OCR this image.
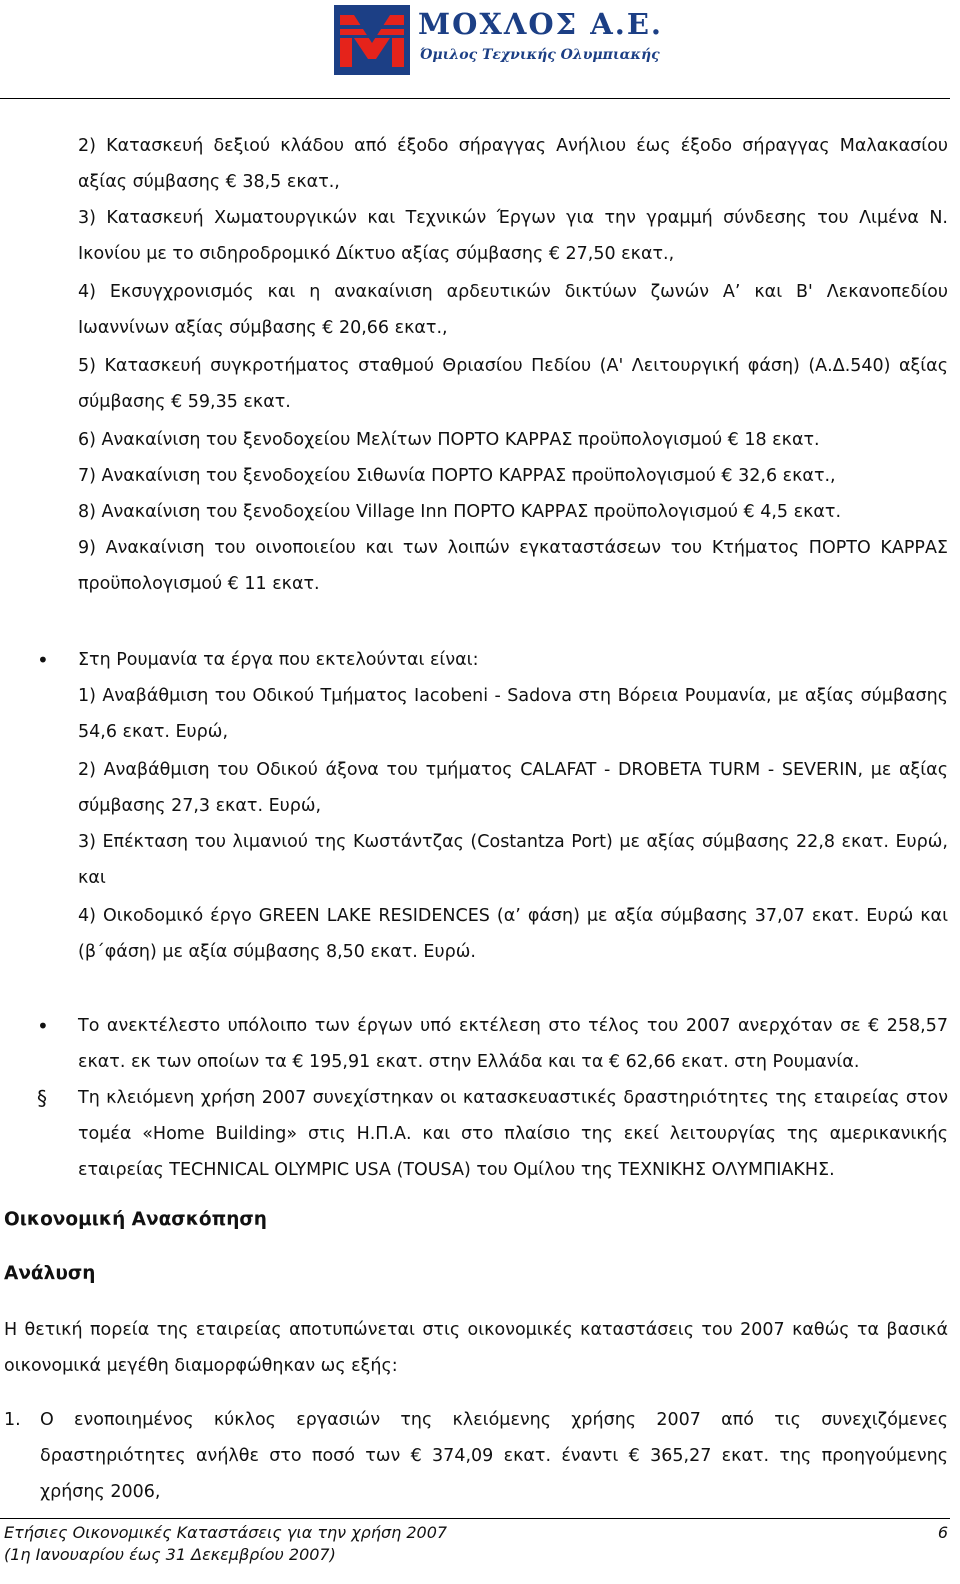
ΜΟΧΛΟΣ Α.Ε.
Όμιλος Τεχνικής Ολυμπιακής

2) Κατασκευή δεξιού κλάδου από έξοδο σήραγγας Ανήλιου έως έξοδο σήραγγας Μαλακασίου αξίας σύμβασης € 38,5 εκατ.,

3) Κατασκευή Χωματουργικών και Τεχνικών Έργων για την γραμμή σύνδεσης του Λιμένα Ν. Ικονίου με το σιδηροδρομικό Δίκτυο αξίας σύμβασης € 27,50 εκατ.,

4) Εκσυγχρονισμός και η ανακαίνιση αρδευτικών δικτύων ζωνών Α’ και Β' Λεκανοπεδίου Ιωαννίνων αξίας σύμβασης € 20,66 εκατ.,

5) Κατασκευή συγκροτήματος σταθμού Θριασίου Πεδίου (Α' Λειτουργική φάση) (Α.Δ.540) αξίας σύμβασης € 59,35 εκατ.

6) Ανακαίνιση του ξενοδοχείου Μελίτων ΠΟΡΤΟ ΚΑΡΡΑΣ προϋπολογισμού € 18 εκατ.

7) Ανακαίνιση του ξενοδοχείου Σιθωνία ΠΟΡΤΟ ΚΑΡΡΑΣ προϋπολογισμού € 32,6 εκατ.,

8) Ανακαίνιση του ξενοδοχείου Village Inn ΠΟΡΤΟ ΚΑΡΡΑΣ προϋπολογισμού € 4,5 εκατ.

9) Ανακαίνιση του οινοποιείου και των λοιπών εγκαταστάσεων του Κτήματος ΠΟΡΤΟ ΚΑΡΡΑΣ προϋπολογισμού € 11 εκατ.

• Στη Ρουμανία τα έργα που εκτελούνται είναι:

1) Αναβάθμιση του Οδικού Τμήματος Iacobeni - Sadova στη Βόρεια Ρουμανία, με αξίας σύμβασης 54,6 εκατ. Ευρώ,

2) Αναβάθμιση του Οδικού άξονα του τμήματος CALAFAT - DROBETA TURM - SEVERIN, με αξίας σύμβασης 27,3 εκατ. Ευρώ,

3) Επέκταση του λιμανιού της Κωστάντζας (Costantza Port) με αξίας σύμβασης 22,8 εκατ. Ευρώ, και

4) Οικοδομικό έργο GREEN LAKE RESIDENCES (α’ φάση) με αξία σύμβασης 37,07 εκατ. Ευρώ και (β΄φάση) με αξία σύμβασης 8,50 εκατ. Ευρώ.

• Το ανεκτέλεστο υπόλοιπο των έργων υπό εκτέλεση στο τέλος του 2007 ανερχόταν σε € 258,57 εκατ. εκ των οποίων τα € 195,91 εκατ. στην Ελλάδα και τα € 62,66 εκατ. στη Ρουμανία.

§ Τη κλειόμενη χρήση 2007 συνεχίστηκαν οι κατασκευαστικές δραστηριότητες της εταιρείας στον τομέα «Home Building» στις Η.Π.Α. και στο πλαίσιο της εκεί λειτουργίας της αμερικανικής εταιρείας TECHNICAL OLYMPIC USA (TOUSA) του Ομίλου της ΤΕΧΝΙΚΗΣ ΟΛΥΜΠΙΑΚΗΣ.

Οικονομική Ανασκόπηση
Ανάλυση

Η θετική πορεία της εταιρείας αποτυπώνεται στις οικονομικές καταστάσεις του 2007 καθώς τα βασικά οικονομικά μεγέθη διαμορφώθηκαν ως εξής:

1. Ο ενοποιημένος κύκλος εργασιών της κλειόμενης χρήσης 2007 από τις συνεχιζόμενες δραστηριότητες ανήλθε στο ποσό των € 374,09 εκατ. έναντι € 365,27 εκατ. της προηγούμενης χρήσης 2006,

Ετήσιες Οικονομικές Καταστάσεις για την χρήση 2007
(1η Ιανουαρίου έως 31 Δεκεμβρίου 2007)
6
